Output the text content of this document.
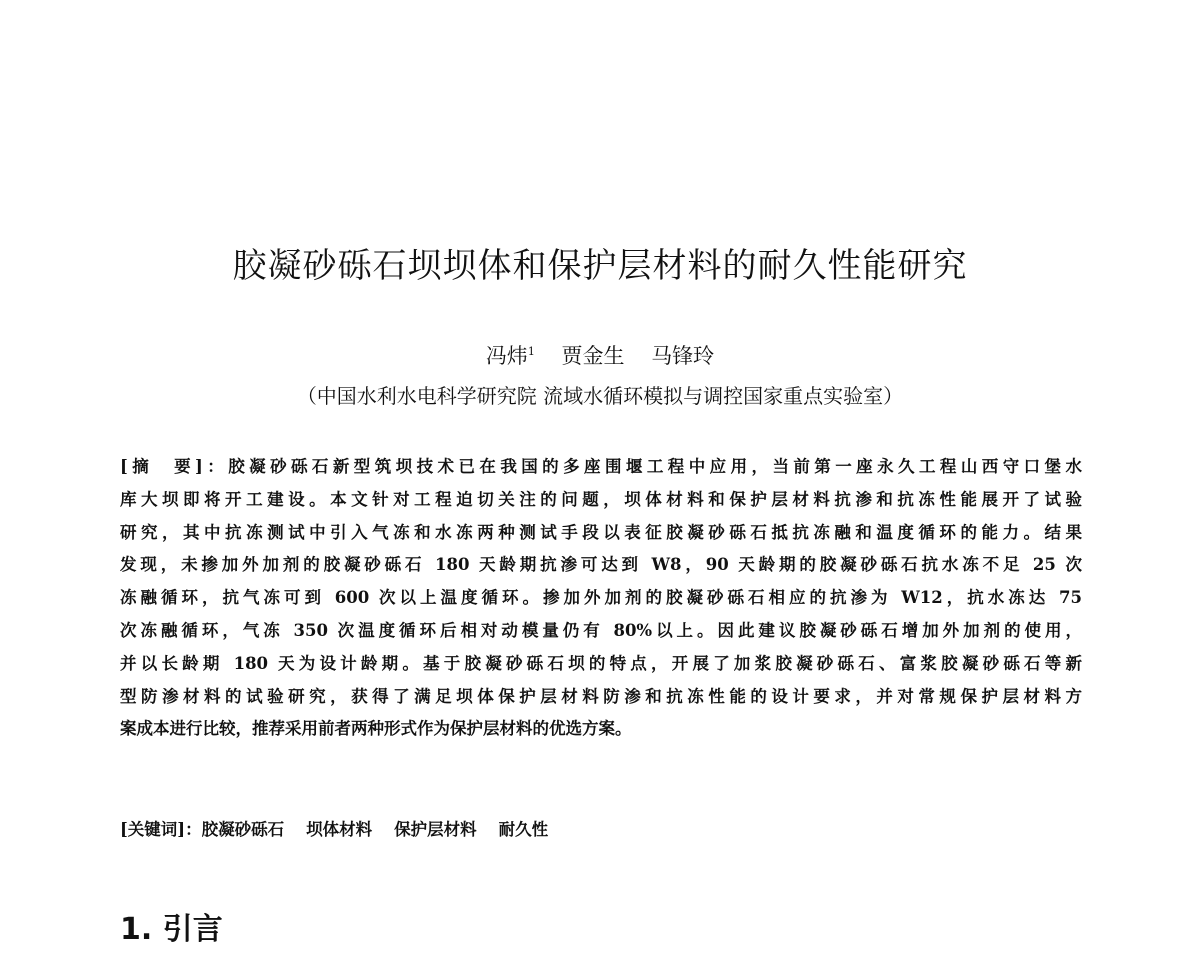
胶凝砂砾石坝坝体和保护层材料的耐久性能研究
冯炜$^1$ 贾金生 马锋玲
（中国水利水电科学研究院 流域水循环模拟与调控国家重点实验室）
[摘　要]：胶凝砂砾石新型筑坝技术已在我国的多座围堰工程中应用，当前第一座永久工程山西守口堡水
库大坝即将开工建设。本文针对工程迫切关注的问题，坝体材料和保护层材料抗渗和抗冻性能展开了试验
研究，其中抗冻测试中引入气冻和水冻两种测试手段以表征胶凝砂砾石抵抗冻融和温度循环的能力。结果
发现，未掺加外加剂的胶凝砂砾石 180 天龄期抗渗可达到 W8，90 天龄期的胶凝砂砾石抗水冻不足 25 次
冻融循环，抗气冻可到 600 次以上温度循环。掺加外加剂的胶凝砂砾石相应的抗渗为 W12，抗水冻达 75
次冻融循环，气冻 350 次温度循环后相对动模量仍有 80%以上。因此建议胶凝砂砾石增加外加剂的使用，
并以长龄期 180 天为设计龄期。基于胶凝砂砾石坝的特点，开展了加浆胶凝砂砾石、富浆胶凝砂砾石等新
型防渗材料的试验研究，获得了满足坝体保护层材料防渗和抗冻性能的设计要求，并对常规保护层材料方
案成本进行比较，推荐采用前者两种形式作为保护层材料的优选方案。
[关键词]：胶凝砂砾石 坝体材料 保护层材料 耐久性
1. 引言
